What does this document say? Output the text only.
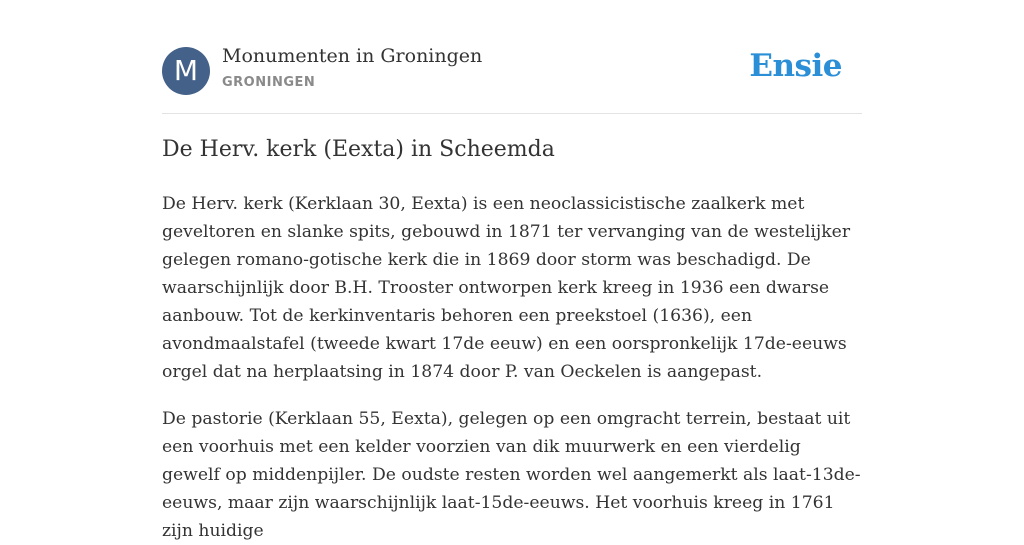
M	Monumenten in Groningen
GRONINGEN	Ensie
De Herv. kerk (Eexta) in Scheemda

De Herv. kerk (Kerklaan 30, Eexta) is een neoclassicistische zaalkerk met geveltoren en slanke spits, gebouwd in 1871 ter vervanging van de westelijker gelegen romano-gotische kerk die in 1869 door storm was beschadigd. De waarschijnlijk door B.H. Trooster ontworpen kerk kreeg in 1936 een dwarse aanbouw. Tot de kerkinventaris behoren een preekstoel (1636), een avondmaalstafel (tweede kwart 17de eeuw) en een oorspronkelijk 17de-eeuws orgel dat na herplaatsing in 1874 door P. van Oeckelen is aangepast.

De pastorie (Kerklaan 55, Eexta), gelegen op een omgracht terrein, bestaat uit een voorhuis met een kelder voorzien van dik muurwerk en een vierdelig gewelf op middenpijler. De oudste resten worden wel aangemerkt als laat-13de-eeuws, maar zijn waarschijnlijk laat-15de-eeuws. Het voorhuis kreeg in 1761 zijn huidige
